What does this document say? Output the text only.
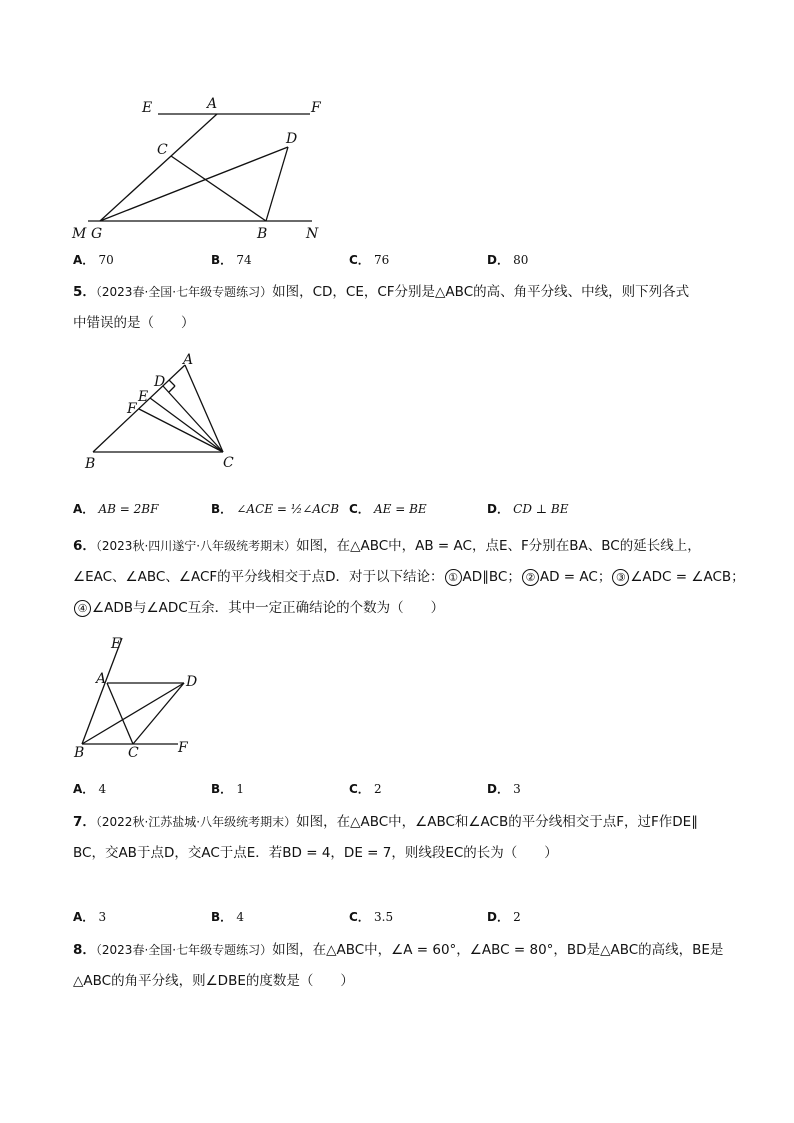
E	A	F
C
D
M G	B	N
A． 70	B． 74	C． 76	D． 80
5．（2023春·全国·七年级专题练习）如图，CD，CE，CF分别是△ABC的高、角平分线、中线，则下列各式
中错误的是（　　）
A
D
E
F
B	C
A． AB = 2BF	B． ∠ACE = ½∠ACB C． AE = BE	D． CD ⊥ BE
6．（2023秋·四川遂宁·八年级统考期末）如图，在△ABC中，AB = AC，点E、F分别在BA、BC的延长线上，
∠EAC、∠ABC、∠ACF的平分线相交于点D．对于以下结论： ① AD∥BC； ② AD = AC； ③ ∠ADC = ∠ACB；
④ ∠ADB与∠ADC互余．其中一定正确结论的个数为（　　）
E
A	D
B	C	F
A． 4	B． 1	C． 2	D． 3
7．（2022秋·江苏盐城·八年级统考期末）如图，在△ABC中，∠ABC和∠ACB的平分线相交于点F，过F作DE∥
BC，交AB于点D，交AC于点E．若BD = 4，DE = 7，则线段EC的长为（　　）
A． 3	B． 4	C． 3.5	D． 2
8．（2023春·全国·七年级专题练习）如图，在△ABC中，∠A = 60°，∠ABC = 80°，BD是△ABC的高线，BE是
△ABC的角平分线，则∠DBE的度数是（　　）
